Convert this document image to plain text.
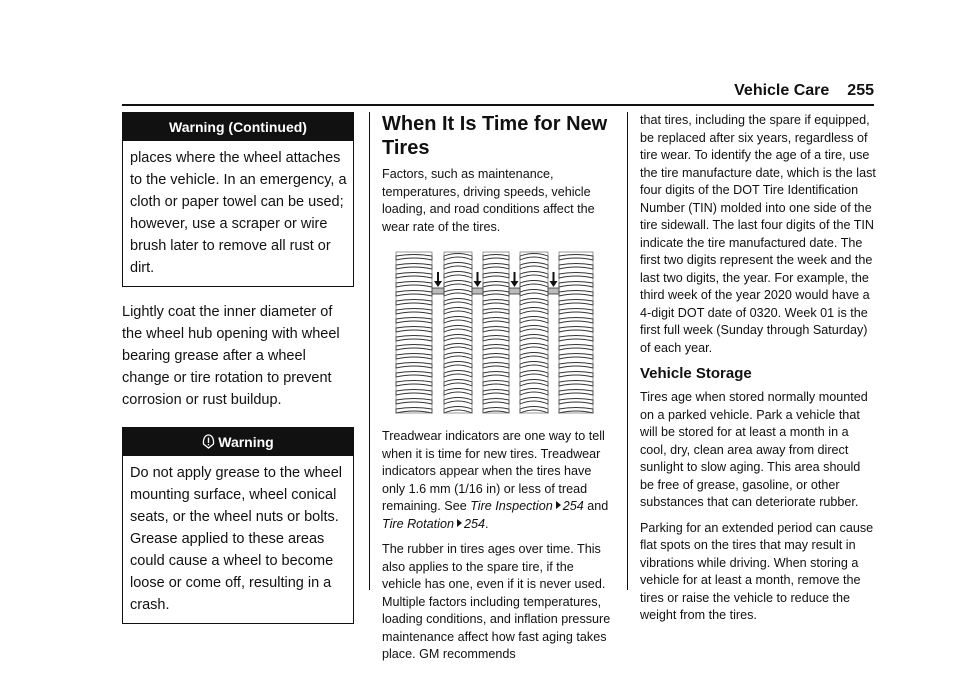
Vehicle Care 255
Warning (Continued)
places where the wheel attaches to the vehicle. In an emergency, a cloth or paper towel can be used; however, use a scraper or wire brush later to remove all rust or dirt.

Lightly coat the inner diameter of the wheel hub opening with wheel bearing grease after a wheel change or tire rotation to prevent corrosion or rust buildup.

Warning
Do not apply grease to the wheel mounting surface, wheel conical seats, or the wheel nuts or bolts. Grease applied to these areas could cause a wheel to become loose or come off, resulting in a crash.
When It Is Time for New Tires

Factors, such as maintenance, temperatures, driving speeds, vehicle loading, and road conditions affect the wear rate of the tires.

Treadwear indicators are one way to tell when it is time for new tires. Treadwear indicators appear when the tires have only 1.6 mm (1/16 in) or less of tread remaining. See Tire Inspection 254 and
Tire Rotation 254.

The rubber in tires ages over time. This also applies to the spare tire, if the vehicle has one, even if it is never used. Multiple factors including temperatures, loading conditions, and inflation pressure maintenance affect how fast aging takes place. GM recommends

that tires, including the spare if equipped, be replaced after six years, regardless of tire wear. To identify the age of a tire, use the tire manufacture date, which is the last four digits of the DOT Tire Identification Number (TIN) molded into one side of the tire sidewall. The last four digits of the TIN indicate the tire manufactured date. The first two digits represent the week and the last two digits, the year. For example, the third week of the year 2020 would have a 4-digit DOT date of 0320. Week 01 is the first full week (Sunday through Saturday) of each year.

Vehicle Storage

Tires age when stored normally mounted on a parked vehicle. Park a vehicle that will be stored for at least a month in a cool, dry, clean area away from direct sunlight to slow aging. This area should be free of grease, gasoline, or other substances that can deteriorate rubber.

Parking for an extended period can cause flat spots on the tires that may result in vibrations while driving. When storing a vehicle for at least a month, remove the tires or raise the vehicle to reduce the weight from the tires.
